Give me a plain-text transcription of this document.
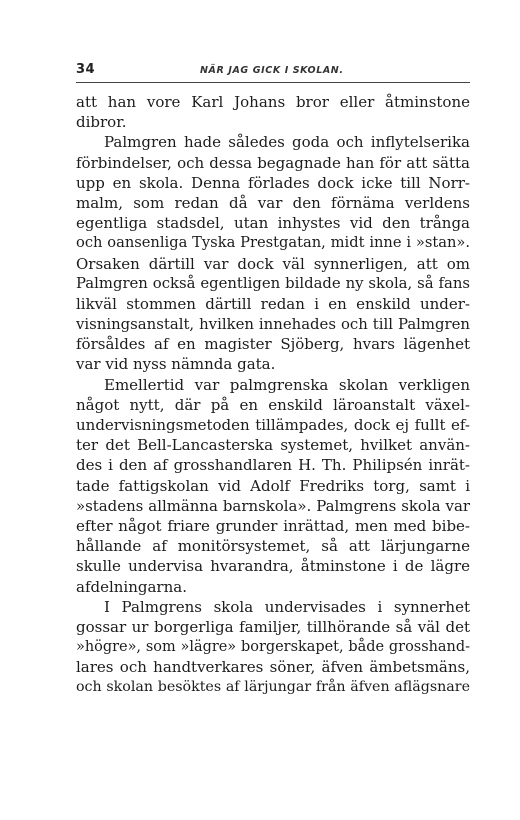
34	NÄR JAG GICK I SKOLAN.
att han vore Karl Johans bror eller åtminstone
dibror.
Palmgren hade således goda och inflytelserika
förbindelser, och dessa begagnade han för att sätta
upp en skola. Denna förlades dock icke till Norr-
malm, som redan då var den förnäma verldens
egentliga stadsdel, utan inhystes vid den trånga
och oansenliga Tyska Prestgatan, midt inne i »stan».
Orsaken därtill var dock väl synnerligen, att om
Palmgren också egentligen bildade ny skola, så fans
likväl stommen därtill redan i en enskild under-
visningsanstalt, hvilken innehades och till Palmgren
försåldes af en magister Sjöberg, hvars lägenhet
var vid nyss nämnda gata.
Emellertid var palmgrenska skolan verkligen
något nytt, där på en enskild läroanstalt växel-
undervisningsmetoden tillämpades, dock ej fullt ef-
ter det Bell-Lancasterska systemet, hvilket använ-
des i den af grosshandlaren H. Th. Philipsén inrät-
tade fattigskolan vid Adolf Fredriks torg, samt i
»stadens allmänna barnskola». Palmgrens skola var
efter något friare grunder inrättad, men med bibe-
hållande af monitörsystemet, så att lärjungarne
skulle undervisa hvarandra, åtminstone i de lägre
afdelningarna.
I Palmgrens skola undervisades i synnerhet
gossar ur borgerliga familjer, tillhörande så väl det
»högre», som »lägre» borgerskapet, både grosshand-
lares och handtverkares söner, äfven ämbetsmäns,
och skolan besöktes af lärjungar från äfven aflägsnare
